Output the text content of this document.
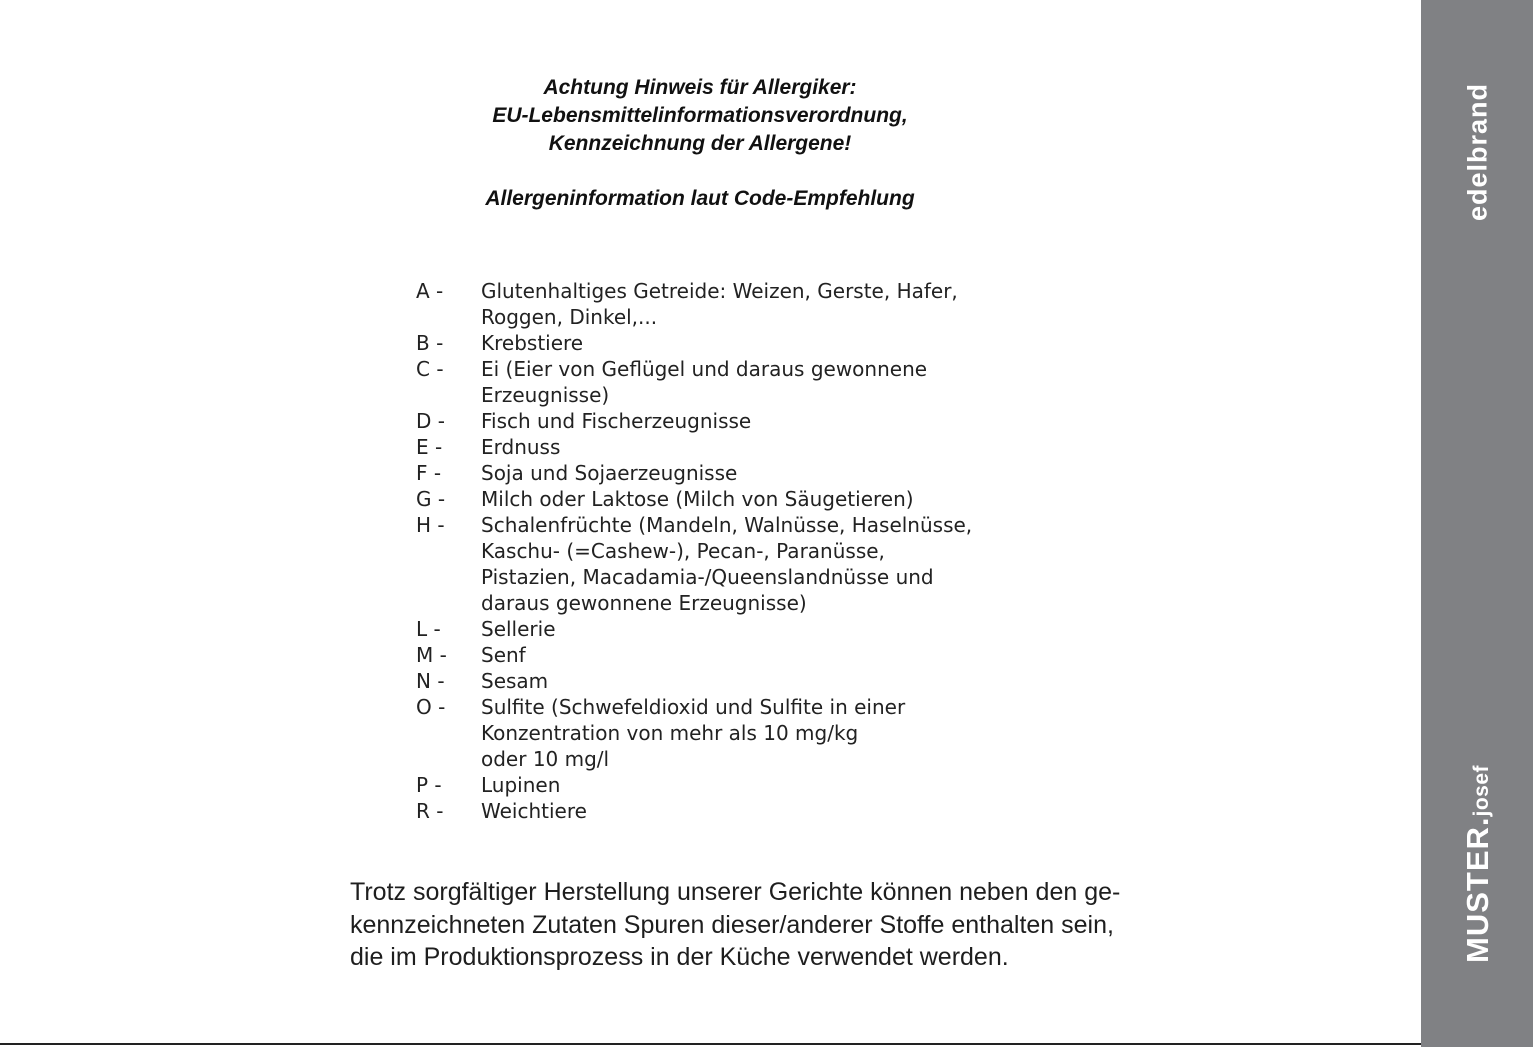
Achtung Hinweis für Allergiker:
EU-Lebensmittelinformationsverordnung,
Kennzeichnung der Allergene!
Allergeninformation laut Code-Empfehlung
A -	Glutenhaltiges Getreide: Weizen, Gerste, Hafer,
Roggen, Dinkel,...
B -	Krebstiere
C -	Ei (Eier von Geflügel und daraus gewonnene
Erzeugnisse)
D -	Fisch und Fischerzeugnisse
E -	Erdnuss
F -	Soja und Sojaerzeugnisse
G -	Milch oder Laktose (Milch von Säugetieren)
H -	Schalenfrüchte (Mandeln, Walnüsse, Haselnüsse,
Kaschu- (=Cashew-), Pecan-, Paranüsse,
Pistazien, Macadamia-/Queenslandnüsse und
daraus gewonnene Erzeugnisse)
L -	Sellerie
M -	Senf
N -	Sesam
O -	Sulfite (Schwefeldioxid und Sulfite in einer
Konzentration von mehr als 10 mg/kg
oder 10 mg/l
P -	Lupinen
R -	Weichtiere
Trotz sorgfältiger Herstellung unserer Gerichte können neben den ge-
kennzeichneten Zutaten Spuren dieser/anderer Stoffe enthalten sein,
die im Produktionsprozess in der Küche verwendet werden.
edelbrand
MUSTER.josef
